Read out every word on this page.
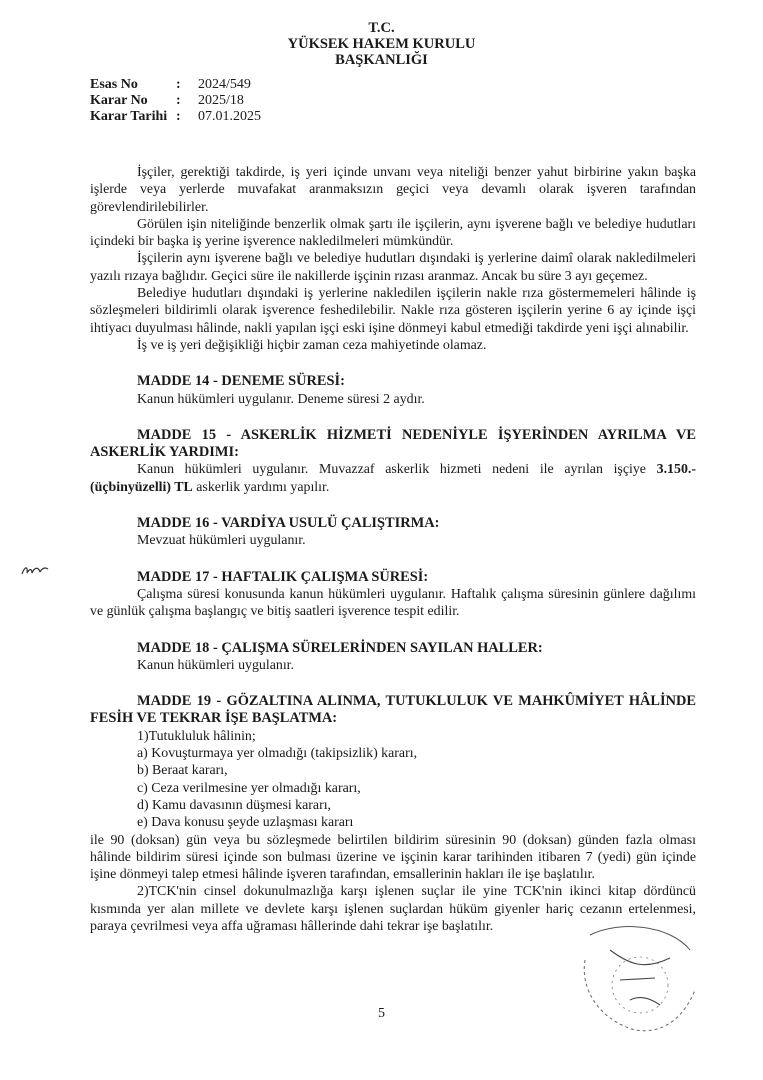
T.C.
YÜKSEK HAKEM KURULU
BAŞKANLIĞI
Esas No	:	2024/549
Karar No	:	2025/18
Karar Tarihi :	07.01.2025

İşçiler, gerektiği takdirde, iş yeri içinde unvanı veya niteliği benzer yahut birbirine yakın başka işlerde veya yerlerde muvafakat aranmaksızın geçici veya devamlı olarak işveren tarafından görevlendirilebilirler.

Görülen işin niteliğinde benzerlik olmak şartı ile işçilerin, aynı işverene bağlı ve belediye hudutları içindeki bir başka iş yerine işverence nakledilmeleri mümkündür.

İşçilerin aynı işverene bağlı ve belediye hudutları dışındaki iş yerlerine daimî olarak nakledilmeleri yazılı rızaya bağlıdır. Geçici süre ile nakillerde işçinin rızası aranmaz. Ancak bu süre 3 ayı geçemez.

Belediye hudutları dışındaki iş yerlerine nakledilen işçilerin nakle rıza göstermemeleri hâlinde iş sözleşmeleri bildirimli olarak işverence feshedilebilir. Nakle rıza gösteren işçilerin yerine 6 ay içinde işçi ihtiyacı duyulması hâlinde, nakli yapılan işçi eski işine dönmeyi kabul etmediği takdirde yeni işçi alınabilir.

İş ve iş yeri değişikliği hiçbir zaman ceza mahiyetinde olamaz.

MADDE 14 - DENEME SÜRESİ:

Kanun hükümleri uygulanır. Deneme süresi 2 aydır.

MADDE 15 - ASKERLİK HİZMETİ NEDENİYLE İŞYERİNDEN AYRILMA VE ASKERLİK YARDIMI:

Kanun hükümleri uygulanır. Muvazzaf askerlik hizmeti nedeni ile ayrılan işçiye 3.150.-(üçbinyüzelli) TL askerlik yardımı yapılır.

MADDE 16 - VARDİYA USULÜ ÇALIŞTIRMA:

Mevzuat hükümleri uygulanır.

MADDE 17 - HAFTALIK ÇALIŞMA SÜRESİ:

Çalışma süresi konusunda kanun hükümleri uygulanır. Haftalık çalışma süresinin günlere dağılımı ve günlük çalışma başlangıç ve bitiş saatleri işverence tespit edilir.

MADDE 18 - ÇALIŞMA SÜRELERİNDEN SAYILAN HALLER:

Kanun hükümleri uygulanır.

MADDE 19 - GÖZALTINA ALINMA, TUTUKLULUK VE MAHKÛMİYET HÂLİNDE FESİH VE TEKRAR İŞE BAŞLATMA:
1)Tutukluluk hâlinin;
a) Kovuşturmaya yer olmadığı (takipsizlik) kararı,
b) Beraat kararı,
c) Ceza verilmesine yer olmadığı kararı,
d) Kamu davasının düşmesi kararı,
e) Dava konusu şeyde uzlaşması kararı

ile 90 (doksan) gün veya bu sözleşmede belirtilen bildirim süresinin 90 (doksan) günden fazla olması hâlinde bildirim süresi içinde son bulması üzerine ve işçinin karar tarihinden itibaren 7 (yedi) gün içinde işine dönmeyi talep etmesi hâlinde işveren tarafından, emsallerinin hakları ile işe başlatılır.

2)TCK'nin cinsel dokunulmazlığa karşı işlenen suçlar ile yine TCK'nin ikinci kitap dördüncü kısmında yer alan millete ve devlete karşı işlenen suçlardan hüküm giyenler hariç cezanın ertelenmesi, paraya çevrilmesi veya affa uğraması hâllerinde dahi tekrar işe başlatılır.

5
